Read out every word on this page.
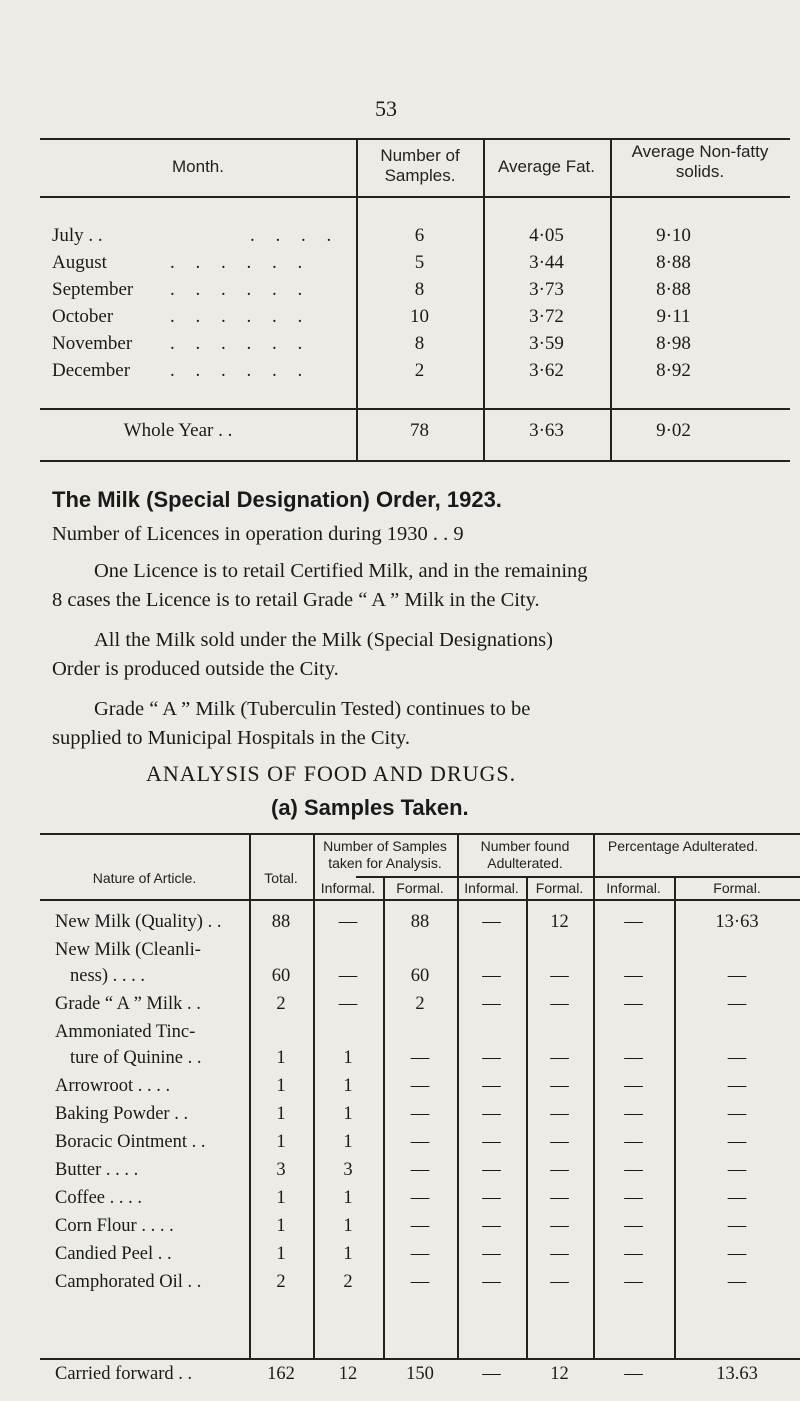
53
Month.
Number of Samples.	Average Fat.
Average Non-fatty solids.
July . .	. . . .	6	4·05	9·10
August	. . . . . .	5	3·44	8·88
September . . . . . .	8	3·73	8·88
October	. . . . . .	10	3·72	9·11
November . . . . . .	8	3·59	8·98
December . . . . . .	2	3·62	8·92
Whole Year . .	78	3·63	9·02
The Milk (Special Designation) Order, 1923.
Number of Licences in operation during 1930 . . 9
One Licence is to retail Certified Milk, and in the remaining
8 cases the Licence is to retail Grade “ A ” Milk in the City.
All the Milk sold under the Milk (Special Designations)
Order is produced outside the City.
Grade “ A ” Milk (Tuberculin Tested) continues to be
supplied to Municipal Hospitals in the City.
ANALYSIS OF FOOD AND DRUGS.
(a) Samples Taken.
Nature of Article.	Total.
Number of Samples taken for Analysis.
Number found Adulterated.
Percentage Adulterated.
Informal.	Formal.	Informal.	Formal.	Informal.	Formal.
New Milk (Quality) . .	88	—	88	—	12	—	13·63
New Milk (Cleanli-
ness) . . . .	60	—	60	—	—	—	—
Grade “ A ” Milk . .	2	—	2	—	—	—	—
Ammoniated Tinc-
ture of Quinine . .	1	1	—	—	—	—	—
Arrowroot . . . .	1	1	—	—	—	—	—
Baking Powder . .	1	1	—	—	—	—	—
Boracic Ointment . .	1	1	—	—	—	—	—
Butter . . . .	3	3	—	—	—	—	—
Coffee . . . .	1	1	—	—	—	—	—
Corn Flour . . . .	1	1	—	—	—	—	—
Candied Peel . .	1	1	—	—	—	—	—
Camphorated Oil . .	2	2	—	—	—	—	—
Carried forward . .	162	12	150	—	12	—	13.63
